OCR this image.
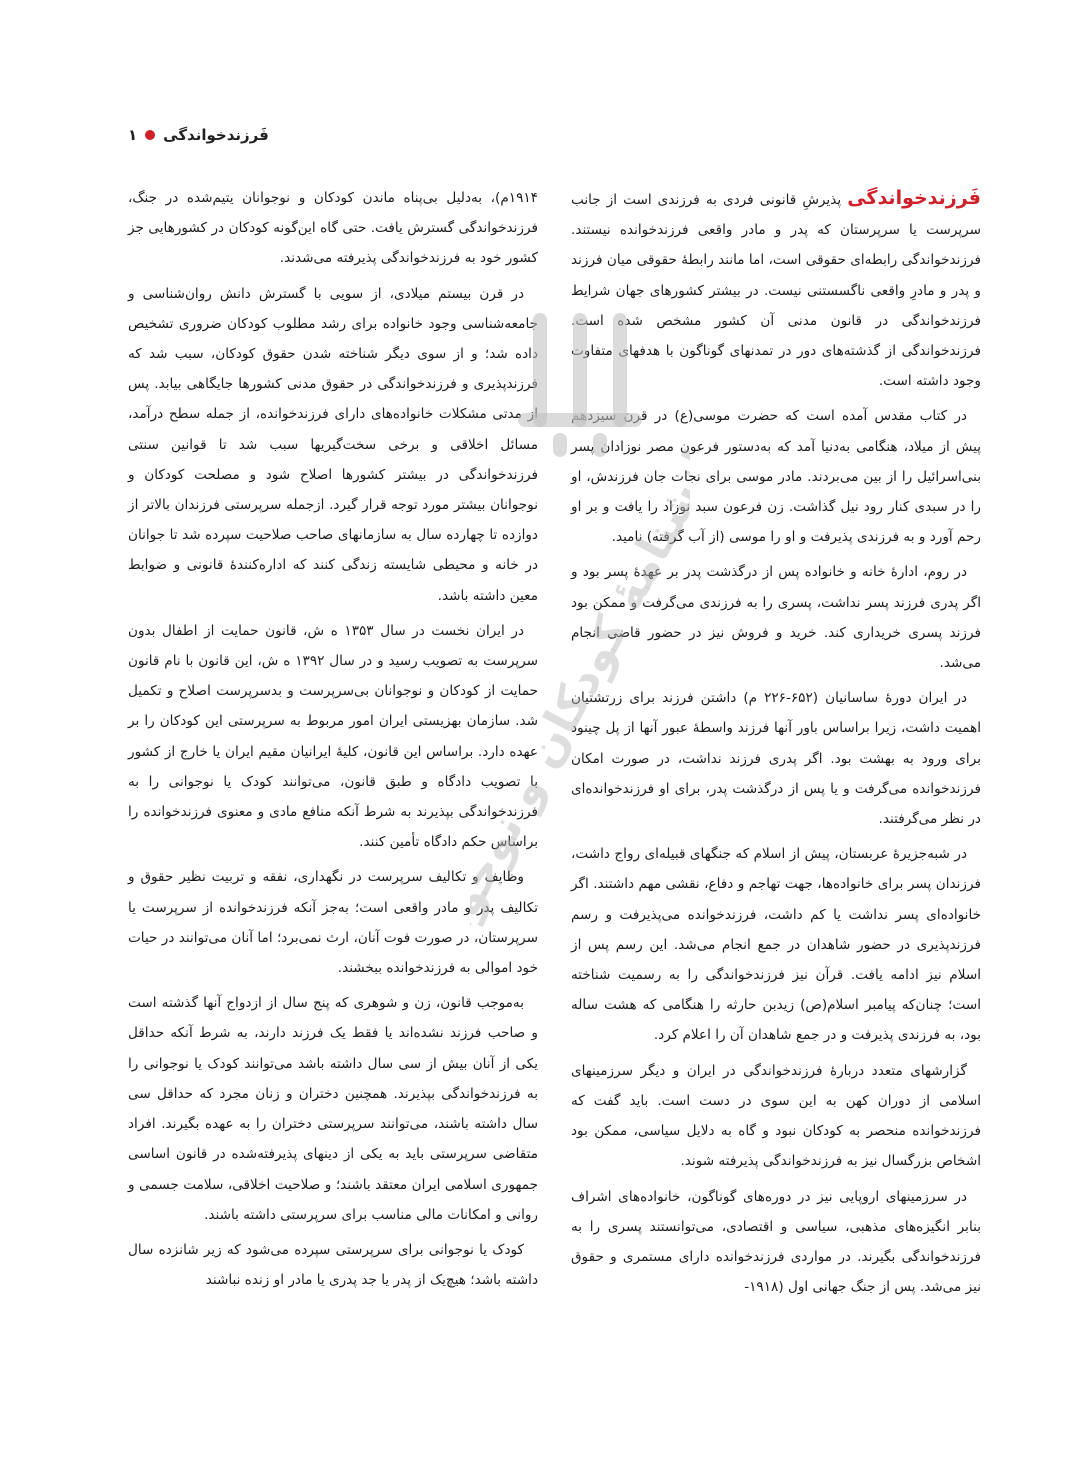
فَرزندخواندگی
۱

فَرزندخواندگی پذیرشِ قانونی فردی به فرزندی است از جانب سرپرست یا سرپرستان که پدر و مادر واقعی فرزندخوانده نیستند. فرزندخواندگی رابطه‌ای حقوقی است، اما مانند رابطهٔ حقوقی میان فرزند و پدر و مادرِ واقعی ناگسستنی نیست. در بیشتر کشورهای جهان شرایط فرزندخواندگی در قانون مدنی آن کشور مشخص شده است. فرزندخواندگی از گذشته‌های دور در تمدنهای گوناگون با هدفهای متفاوت وجود داشته است.

در کتاب مقدس آمده است که حضرت موسی(ع) در قرن سیزدهم پیش از میلاد، هنگامی به‌دنیا آمد که به‌دستور فرعون مصر نوزادان پسر بنی‌اسرائیل را از بین می‌بردند. مادر موسی برای نجات جان فرزندش، او را در سبدی کنار رود نیل گذاشت. زن فرعون سبد نوزاد را یافت و بر او رحم آورد و به فرزندی پذیرفت و او را موسی (از آب گرفته) نامید.

در روم، ادارهٔ خانه و خانواده پس از درگذشت پدر بر عهدهٔ پسر بود و اگر پدری فرزند پسر نداشت، پسری را به فرزندی می‌گرفت و ممکن بود فرزند پسری خریداری کند. خرید و فروش نیز در حضور قاضی انجام می‌شد.

در ایران دورهٔ ساسانیان (۶۵۲-۲۲۶ م) داشتن فرزند برای زرتشتیان اهمیت داشت، زیرا براساس باور آنها فرزند واسطهٔ عبور آنها از پل چینود برای ورود به بهشت بود. اگر پدری فرزند نداشت، در صورت امکان فرزندخوانده می‌گرفت و یا پس از درگذشت پدر، برای او فرزندخوانده‌ای در نظر می‌گرفتند.

در شبه‌جزیرهٔ عربستان، پیش از اسلام که جنگهای قبیله‌ای رواج داشت، فرزندان پسر برای خانواده‌ها، جهت تهاجم و دفاع، نقشی مهم داشتند. اگر خانواده‌ای پسر نداشت یا کم داشت، فرزندخوانده می‌پذیرفت و رسم فرزندپذیری در حضور شاهدان در جمع انجام می‌شد. این رسم پس از اسلام نیز ادامه یافت. قرآن نیز فرزندخواندگی را به رسمیت شناخته است؛ چنان‌که پیامبر اسلام(ص) زیدبن حارثه را هنگامی که هشت ساله بود، به فرزندی پذیرفت و در جمع شاهدان آن را اعلام کرد.

گزارشهای متعدد دربارهٔ فرزندخواندگی در ایران و دیگر سرزمینهای اسلامی از دوران کهن به این سوی در دست است. باید گفت که فرزندخوانده منحصر به کودکان نبود و گاه به دلایل سیاسی، ممکن بود اشخاص بزرگسال نیز به فرزندخواندگی پذیرفته شوند.

در سرزمینهای اروپایی نیز در دوره‌های گوناگون، خانواده‌های اشراف بنابر انگیزه‌های مذهبی، سیاسی و اقتصادی، می‌توانستند پسری را به فرزندخواندگی بگیرند. در مواردی فرزندخوانده دارای مستمری و حقوق نیز می‌شد. پس از جنگ جهانی اول (۱۹۱۸-

۱۹۱۴م)، به‌دلیل بی‌پناه ماندن کودکان و نوجوانان یتیم‌شده در جنگ، فرزندخواندگی گسترش یافت. حتی گاه این‌گونه کودکان در کشورهایی جز کشور خود به فرزندخواندگی پذیرفته می‌شدند.

در قرن بیستم میلادی، از سویی با گسترش دانش روان‌شناسی و جامعه‌شناسی وجود خانواده برای رشد مطلوب کودکان ضروری تشخیص داده شد؛ و از سوی دیگر شناخته شدن حقوق کودکان، سبب شد که فرزندپذیری و فرزندخواندگی در حقوق مدنی کشورها جایگاهی بیابد. پس از مدتی مشکلات خانواده‌های دارای فرزندخوانده، از جمله سطح درآمد، مسائل اخلاقی و برخی سخت‌گیریها سبب شد تا قوانین سنتی فرزندخواندگی در بیشتر کشورها اصلاح شود و مصلحت کودکان و نوجوانان بیشتر مورد توجه قرار گیرد. ازجمله سرپرستی فرزندان بالاتر از دوازده تا چهارده سال به سازمانهای صاحب صلاحیت سپرده شد تا جوانان در خانه و محیطی شایسته زندگی کنند که اداره‌کنندهٔ قانونی و ضوابط معین داشته باشد.

در ایران نخست در سال ۱۳۵۳ ه ش، قانون حمایت از اطفال بدون سرپرست به تصویب رسید و در سال ۱۳۹۲ ه ش، این قانون با نام قانون حمایت از کودکان و نوجوانان بی‌سرپرست و بدسرپرست اصلاح و تکمیل شد. سازمان بهزیستی ایران امور مربوط به سرپرستی این کودکان را بر عهده دارد. براساس این قانون، کلیهٔ ایرانیان مقیم ایران یا خارج از کشور با تصویب دادگاه و طبق قانون، می‌توانند کودک یا نوجوانی را به فرزندخواندگی بپذیرند به شرط آنکه منافع مادی و معنوی فرزندخوانده را براساس حکم دادگاه تأمین کنند.

وظایف و تکالیف سرپرست در نگهداری، نفقه و تربیت نظیر حقوق و تکالیف پدر و مادر واقعی است؛ به‌جز آنکه فرزندخوانده از سرپرست یا سرپرستان، در صورت فوت آنان، ارث نمی‌برد؛ اما آنان می‌توانند در حیات خود اموالی به فرزندخوانده ببخشند.

به‌موجب قانون، زن و شوهری که پنج سال از ازدواج آنها گذشته است و صاحب فرزند نشده‌اند یا فقط یک فرزند دارند، به شرط آنکه حداقل یکی از آنان بیش از سی سال داشته باشد می‌توانند کودک یا نوجوانی را به فرزندخواندگی بپذیرند. همچنین دختران و زنان مجرد که حداقل سی سال داشته باشند، می‌توانند سرپرستی دختران را به عهده بگیرند. افراد متقاضی سرپرستی باید به یکی از دینهای پذیرفته‌شده در قانون اساسی جمهوری اسلامی ایران معتقد باشند؛ و صلاحیت اخلاقی، سلامت جسمی و روانی و امکانات مالی مناسب برای سرپرستی داشته باشند.

کودک یا نوجوانی برای سرپرستی سپرده می‌شود که زیر شانزده سال داشته باشد؛ هیچ‌یک از پدر یا جد پدری یا مادر او زنده نباشند

دانشنامهٔ کودکان و نوجوانان
